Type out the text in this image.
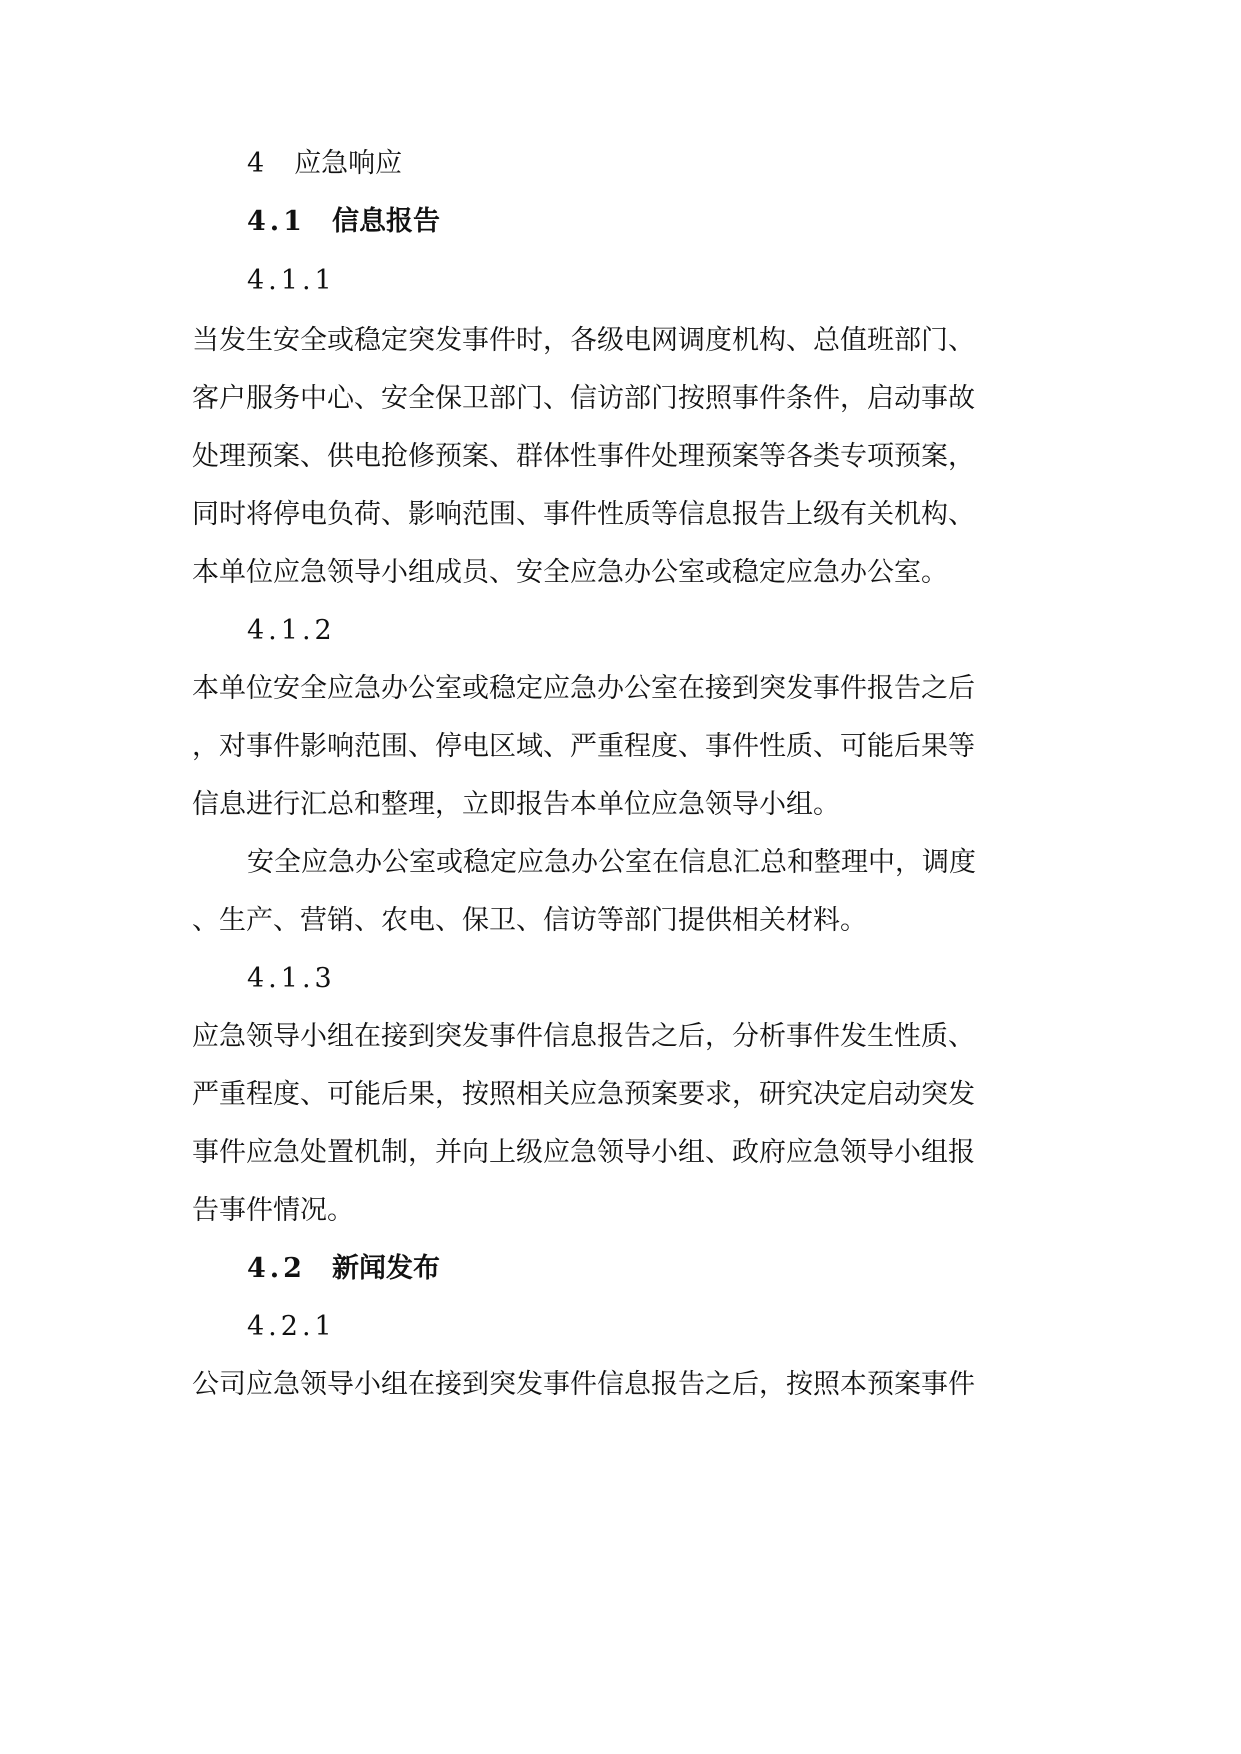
4 应急响应

4.1 信息报告

4.1.1

当发生安全或稳定突发事件时，各级电网调度机构、总值班部门、

客户服务中心、安全保卫部门、信访部门按照事件条件，启动事故

处理预案、供电抢修预案、群体性事件处理预案等各类专项预案，

同时将停电负荷、影响范围、事件性质等信息报告上级有关机构、

本单位应急领导小组成员、安全应急办公室或稳定应急办公室。

4.1.2

本单位安全应急办公室或稳定应急办公室在接到突发事件报告之后

，对事件影响范围、停电区域、严重程度、事件性质、可能后果等

信息进行汇总和整理，立即报告本单位应急领导小组。

安全应急办公室或稳定应急办公室在信息汇总和整理中，调度

、生产、营销、农电、保卫、信访等部门提供相关材料。

4.1.3

应急领导小组在接到突发事件信息报告之后，分析事件发生性质、

严重程度、可能后果，按照相关应急预案要求，研究决定启动突发

事件应急处置机制，并向上级应急领导小组、政府应急领导小组报

告事件情况。

4.2 新闻发布

4.2.1

公司应急领导小组在接到突发事件信息报告之后，按照本预案事件
